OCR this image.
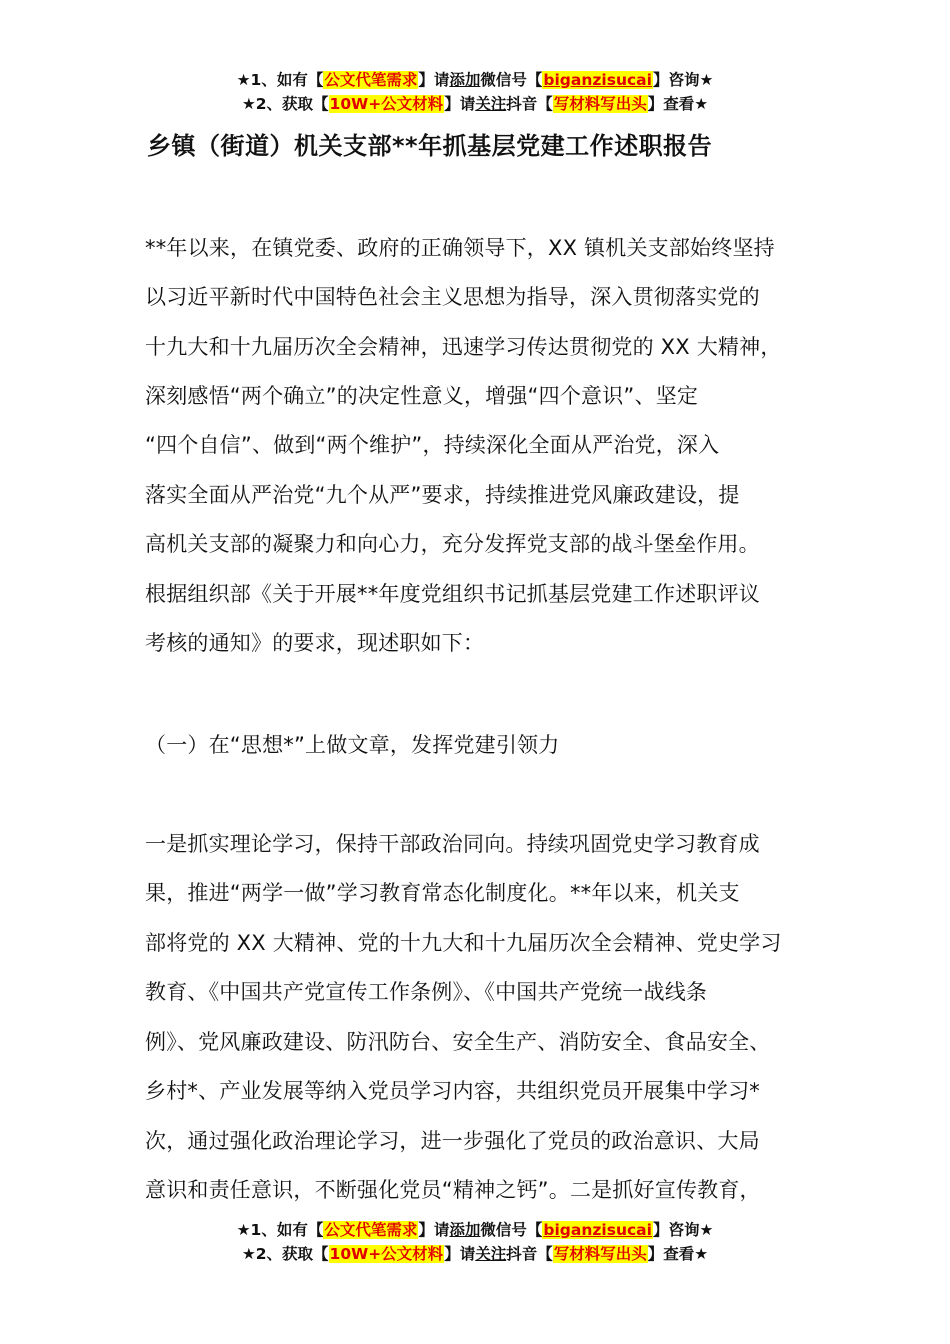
★1、如有【公文代笔需求】请添加微信号【biganzisucai】咨询★
★2、获取【10W+公文材料】请关注抖音【写材料写出头】查看★
乡镇（街道）机关支部**年抓基层党建工作述职报告
**年以来，在镇党委、政府的正确领导下，XX 镇机关支部始终坚持
以习近平新时代中国特色社会主义思想为指导，深入贯彻落实党的
十九大和十九届历次全会精神，迅速学习传达贯彻党的 XX 大精神，
深刻感悟“两个确立”的决定性意义，增强“四个意识”、坚定
“四个自信”、做到“两个维护”，持续深化全面从严治党，深入
落实全面从严治党“九个从严”要求，持续推进党风廉政建设，提
高机关支部的凝聚力和向心力，充分发挥党支部的战斗堡垒作用。
根据组织部《关于开展**年度党组织书记抓基层党建工作述职评议
考核的通知》的要求，现述职如下：
（一）在“思想*”上做文章，发挥党建引领力
一是抓实理论学习，保持干部政治同向。持续巩固党史学习教育成
果，推进“两学一做”学习教育常态化制度化。**年以来，机关支
部将党的 XX 大精神、党的十九大和十九届历次全会精神、党史学习
教育、《中国共产党宣传工作条例》、《中国共产党统一战线条
例》、党风廉政建设、防汛防台、安全生产、消防安全、食品安全、
乡村*、产业发展等纳入党员学习内容，共组织党员开展集中学习*
次，通过强化政治理论学习，进一步强化了党员的政治意识、大局
意识和责任意识，不断强化党员“精神之钙”。二是抓好宣传教育，
★1、如有【公文代笔需求】请添加微信号【biganzisucai】咨询★
★2、获取【10W+公文材料】请关注抖音【写材料写出头】查看★
